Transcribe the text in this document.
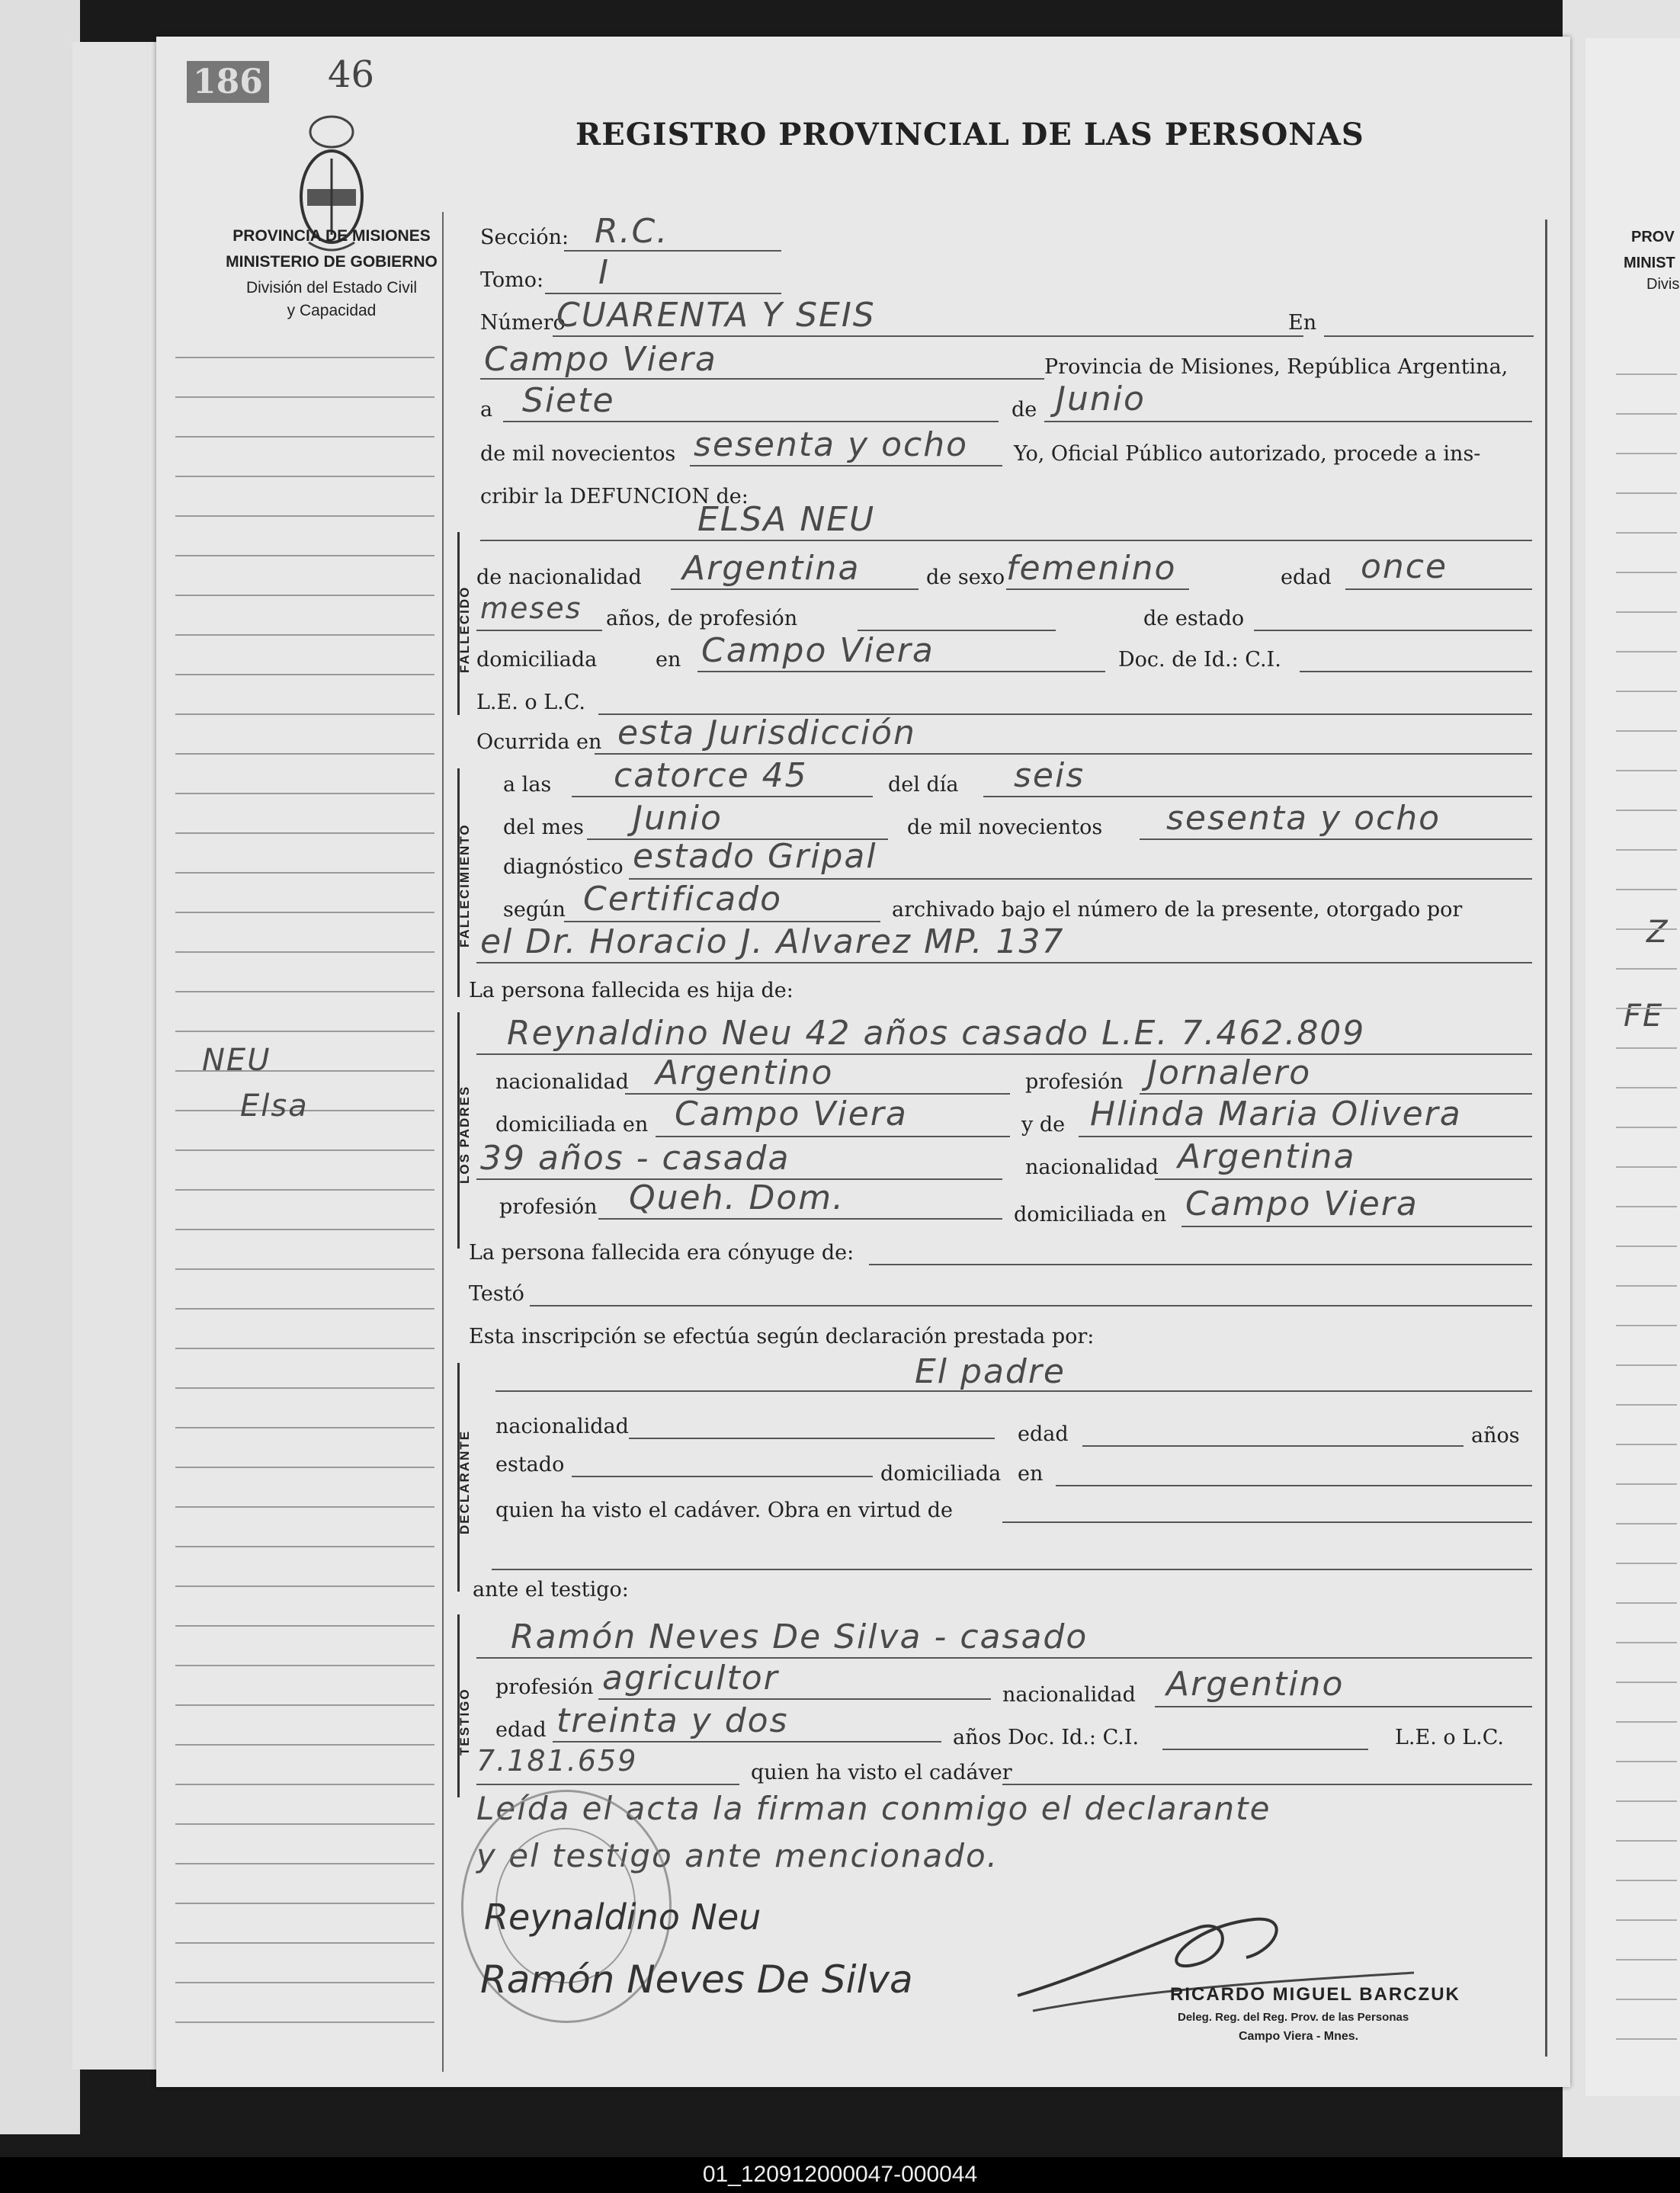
PROV
MINIST
Divis
Z
FE
186 46
REGISTRO PROVINCIAL DE LAS PERSONAS
PROVINCIA DE MISIONES
MINISTERIO DE GOBIERNO
División del Estado Civil
y Capacidad
NEU
Elsa
Sección: R.C.
Tomo: I
Número
CUARENTA Y SEIS	En
Campo Viera	Provincia de Misiones, República Argentina,
a Siete	de Junio
de mil novecientos sesenta y ocho Yo, Oficial Público autorizado, procede a ins-
cribir la DEFUNCION de:
FALLECIDO
ELSA NEU
de nacionalidad Argentina	de sexo femenino	edad once
meses años, de profesión	de estado
domiciliada	en Campo Viera	Doc. de Id.: C.I.
L.E. o L.C.
Ocurrida en esta Jurisdicción
FALLECIMIENTO
a las catorce 45	del día seis
del mes Junio	de mil novecientos sesenta y ocho
diagnóstico estado Gripal
según Certificado	archivado bajo el número de la presente, otorgado por
el Dr. Horacio J. Alvarez MP. 137
La persona fallecida es hija de:
LOS PADRES
Reynaldino Neu 42 años casado L.E. 7.462.809
nacionalidad Argentino	profesión Jornalero
domiciliada en Campo Viera	y de Hlinda Maria Olivera
39 años - casada	nacionalidad Argentina
profesión Queh. Dom.	domiciliada en Campo Viera
La persona fallecida era cónyuge de:
Testó
Esta inscripción se efectúa según declaración prestada por:
DECLARANTE
El padre
nacionalidad	edad	años
estado	domiciliada en
quien ha visto el cadáver. Obra en virtud de
ante el testigo:
TESTIGO
Ramón Neves De Silva - casado
profesión agricultor	nacionalidad Argentino
edad treinta y dos	años Doc. Id.: C.I.	L.E. o L.C.
7.181.659	quien ha visto el cadáver
Leída el acta la firman conmigo el declarante
y el testigo ante mencionado.
Reynaldino Neu
Ramón Neves De Silva	RICARDO MIGUEL BARCZUK
Deleg. Reg. del Reg. Prov. de las Personas
Campo Viera - Mnes.
01_120912000047-000044
